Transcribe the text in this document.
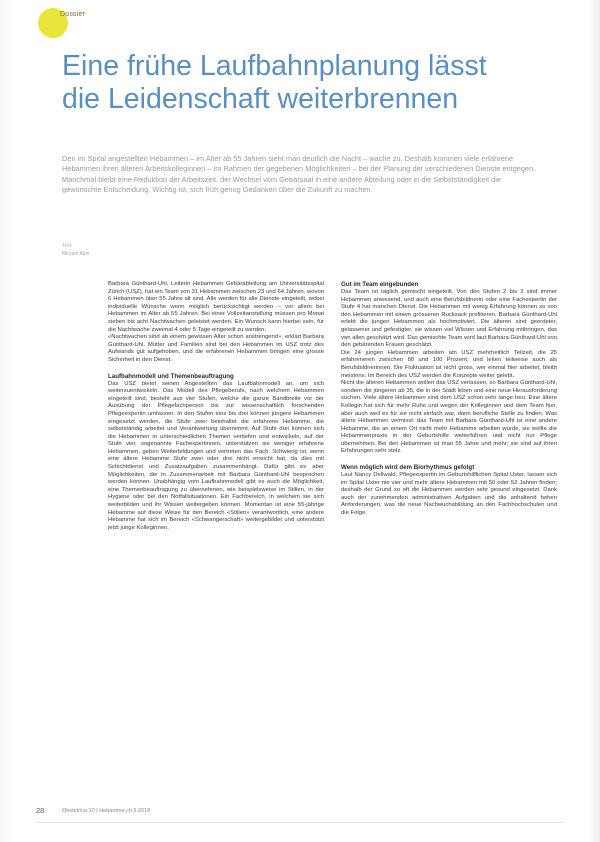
Dossier
Eine frühe Laufbahnplanung lässt die Leidenschaft weiterbrennen

Den im Spital angestellten Hebammen – im Alter ab 55 Jahren sieht man deutlich die Nacht – wache zu. Deshalb kommen viele erfahrene Hebammen ihren älteren Arbeitskolleginnen – im Rahmen der gegebenen Möglichkeiten – bei der Planung der verschiedenen Dienste entgegen. Manchmal bleibt eine Reduktion der Arbeitszeit, der Wechsel vom Gebärsaal in eine andere Abteilung oder in die Selbstständigkeit die gewünschte Entscheidung. Wichtig ist, sich früh genug Gedanken über die Zukunft zu machen.

Text:

Miryam Azer

Barbara Günthard-Uhl, Leiterin Hebammen Gebärabteilung am Universitätsspital Zürich (USZ), hat ein Team von 31 Hebammen zwischen 23 und 64 Jahren, wovon 6 Hebammen über 55 Jahre alt sind. Alle werden für alle Dienste eingeteilt, wobei individuelle Wünsche wenn möglich berücksichtigt werden – vor allem bei Hebammen im Alter ab 55 Jahren. Bei einer Vollzeitanstellung müssen pro Monat sieben bis acht Nachtwachen geleistet werden. Ein Wunsch kann hierbei sein, für die Nachtwache zweimal 4 oder 5 Tage eingeteilt zu werden.

«Nachtwachen sind ab einem gewissen Alter schon anstrengend», erklärt Barbara Günthard-Uhl. Mütter und Familien sind bei den Hebammen im USZ trotz des Aufwands gut aufgehoben, und die erfahrenen Hebammen bringen eine grosse Sicherheit in den Dienst.

Laufbahnmodell und Themenbeauftragung

Das USZ bietet seinen Angestellten das Laufbahnmodell an, um sich weiterzuentwickeln. Das Modell des Pflegeberufs, nach welchem Hebammen eingeteilt sind, besteht aus vier Stufen, welche die ganze Bandbreite vor der Ausübung der Pflegefachperson bis zur wissenschaftlich forschenden Pflegeexpertin umfassen. In den Stufen eins bis drei können jüngere Hebammen eingesetzt werden, die Stufe zwei beinhaltet die erfahrene Hebamme, die selbstständig arbeitet und Verantwortung übernimmt. Auf Stufe drei können sich die Hebammen in unterschiedlichen Themen vertiefen und entwickeln, auf der Stufe vier, sogenannte Fachexpertinnen, unterstützen sie weniger erfahrene Hebammen, geben Weiterbildungen und vertreten das Fach. Schwierig ist, wenn eine ältere Hebamme Stufe zwei oder drei nicht erreicht hat, da dies mit Schichtdienst und Zusatzaufgaben zusammenhängt. Dafür gibt es aber Möglichkeiten, die in Zusammenarbeit mit Barbara Günthard-Uhl besprochen werden können. Unabhängig vom Laufbahnmodell gibt es auch die Möglichkeit, eine Themenbeauftragung zu übernehmen, wie beispielsweise im Stillen, in der Hygiene oder bei den Notfallsituationen. Ein Fachbereich, in welchem sie sich weiterbilden und ihr Wissen weitergeben können. Momentan ist eine 55-jährige Hebamme auf diese Weise für den Bereich «Stillen» verantwortlich, eine andere Hebamme hat sich im Bereich «Schwangerschaft» weitergebildet und unterstützt jetzt junge Kolleginnen.

Gut im Team eingebunden

Das Team ist täglich gemischt eingeteilt. Von den Stufen 2 bis 3 sind immer Hebammen anwesend, und auch eine Berufsbildnerin oder eine Fachexpertin der Stufe 4 hat manchen Dienst. Die Hebammen mit wenig Erfahrung können so von den Hebammen mit einem grösseren Rucksack profitieren. Barbara Günthard-Uhl erlebt die jungen Hebammen als hochmotiviert. Die älteren sind geerdeter, gelassener und gefestigter, sie wissen viel Wissen und Erfahrung mitbringen, das von allen geschätzt wird. Das gemischte Team wird laut Barbara Günthard-Uhl von den gebärenden Frauen geschätzt.

Die 24 jungen Hebammen arbeiten am USZ mehrheitlich Teilzeit, die 25 erfahreneren zwischen 80 und 100 Prozent, und leiten teilweise auch als Berufsbildnerinnen. Die Fluktuation ist nicht gross, wer einmal hier arbeitet, bleibt meistens. Im Bereich des USZ werden die Konzepte weiter gelebt.

Nicht die älteren Hebammen wollen das USZ verlassen, so Barbara Günthard-Uhl, sondern die jüngeren ab 35, die in der Stadt leben und eine neue Herausforderung suchen. Viele ältere Hebammen sind dem USZ schon sehr lange treu. Eine ältere Kollegin hat sich für mehr Ruhe und wegen der Kolleginnen und dem Team hier, aber auch weil es für sie nicht einfach war, dann berufliche Stelle zu finden. Was ältere Hebammen vermisst: das Team mit Barbara Günthard-Uhl ist eine andere Hebamme, die an einem Ort nicht mehr Hebamme arbeiten würde, sie wollte die Hebammenpraxis in der Geburtshilfe weiterführen und nicht nur Pflege übernehmen. Bei den Hebammen ist man 55 Jahre und mehr; sie sind auf ihren Erfahrungen sehr stolz.

Wenn möglich wird dem Biorhythmus gefolgt

Laut Nancy Dellwald, Pflegeexpertin im Geburtshilflichen Spital Uster, lassen sich im Spital Uster nie vier und mehr ältere Hebammen mit 50 oder 52 Jahren finden; deshalb der Grund so oft die Hebammen werden sehr gesund eingesetzt. Dank auch der zunehmenden administrativen Aufgaben und die anhaltend hohen Anforderungen, was die neue Nachwuchsbildung an den Fachhochschulen und die Folge.

28	Obstetrica 10 | Hebamme.ch 9 2018
